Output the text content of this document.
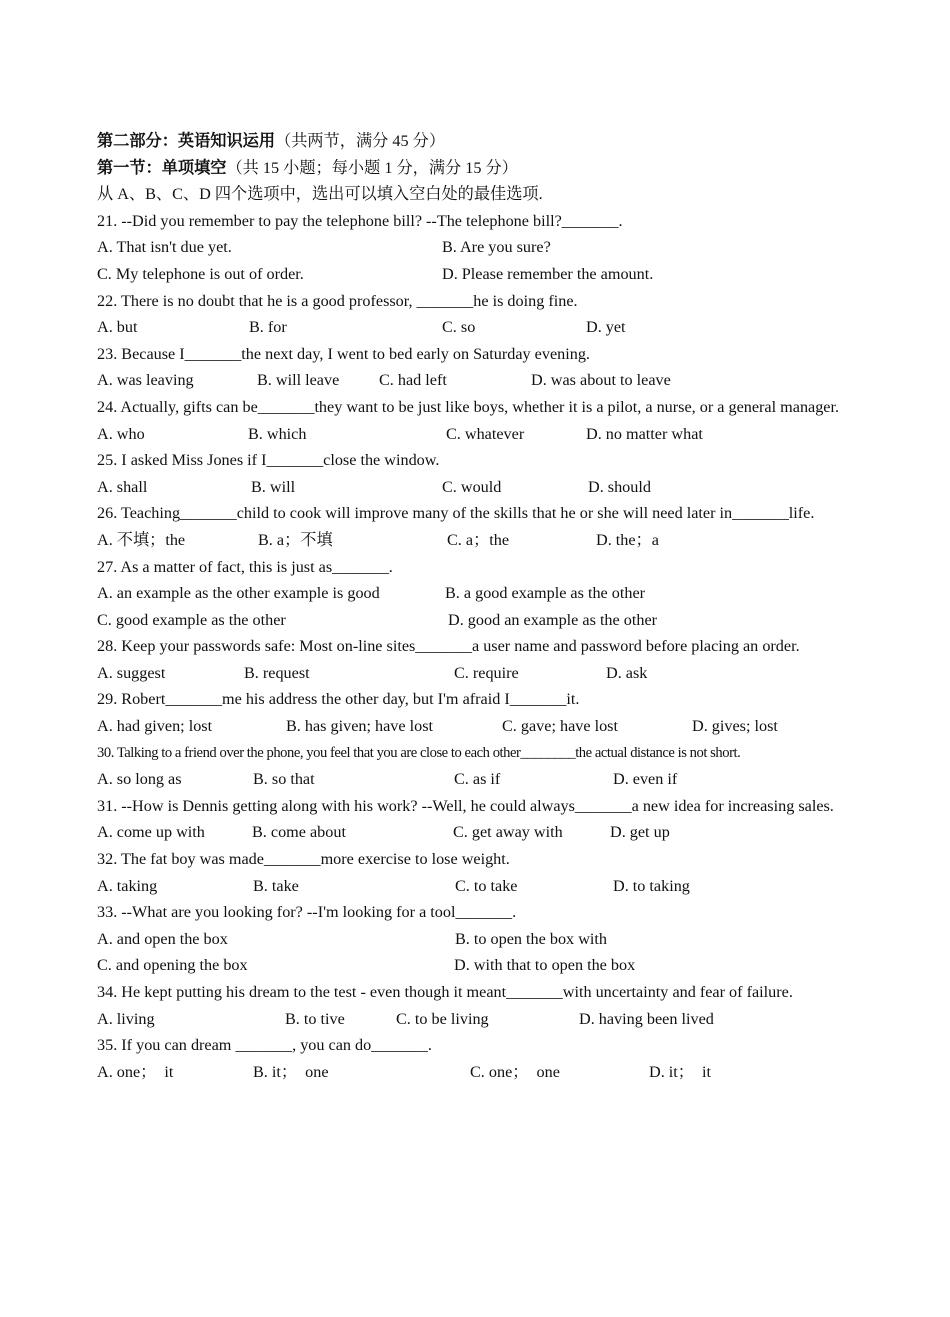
第二部分：英语知识运用（共两节，满分 45 分）
第一节：单项填空（共 15 小题；每小题 1 分，满分 15 分）
从 A、B、C、D 四个选项中，选出可以填入空白处的最佳选项.
21. --Did you remember to pay the telephone bill? --The telephone bill?_______.
A. That isn't due yet.	B. Are you sure?
C. My telephone is out of order.	D. Please remember the amount.
22. There is no doubt that he is a good professor, _______he is doing fine.
A. but	B. for	C. so	D. yet
23. Because I_______the next day, I went to bed early on Saturday evening.
A. was leaving	B. will leave C. had left	D. was about to leave
24. Actually, gifts can be_______they want to be just like boys, whether it is a pilot, a nurse, or a general manager.
A. who	B. which	C. whatever	D. no matter what
25. I asked Miss Jones if I_______close the window.
A. shall	B. will	C. would	D. should
26. Teaching_______child to cook will improve many of the skills that he or she will need later in_______life.
A. 不填；the	B. a；不填	C. a；the	D. the；a
27. As a matter of fact, this is just as_______.
A. an example as the other example is good	B. a good example as the other
C. good example as the other	D. good an example as the other
28. Keep your passwords safe: Most on-line sites_______a user name and password before placing an order.
A. suggest	B. request	C. require	D. ask
29. Robert_______me his address the other day, but I'm afraid I_______it.
A. had given; lost	B. has given; have lost	C. gave; have lost	D. gives; lost
30. Talking to a friend over the phone, you feel that you are close to each other________the actual distance is not short.
A. so long as	B. so that	C. as if	D. even if
31. --How is Dennis getting along with his work? --Well, he could always_______a new idea for increasing sales.
A. come up with	B. come about	C. get away with	D. get up
32. The fat boy was made_______more exercise to lose weight.
A. taking	B. take	C. to take	D. to taking
33. --What are you looking for? --I'm looking for a tool_______.
A. and open the box	B. to open the box with
C. and opening the box	D. with that to open the box
34. He kept putting his dream to the test - even though it meant_______with uncertainty and fear of failure.
A. living	B. to tive	C. to be living	D. having been lived
35. If you can dream _______, you can do_______.
A. one；  it	B. it；  one	C. one；  one	D. it；  it
